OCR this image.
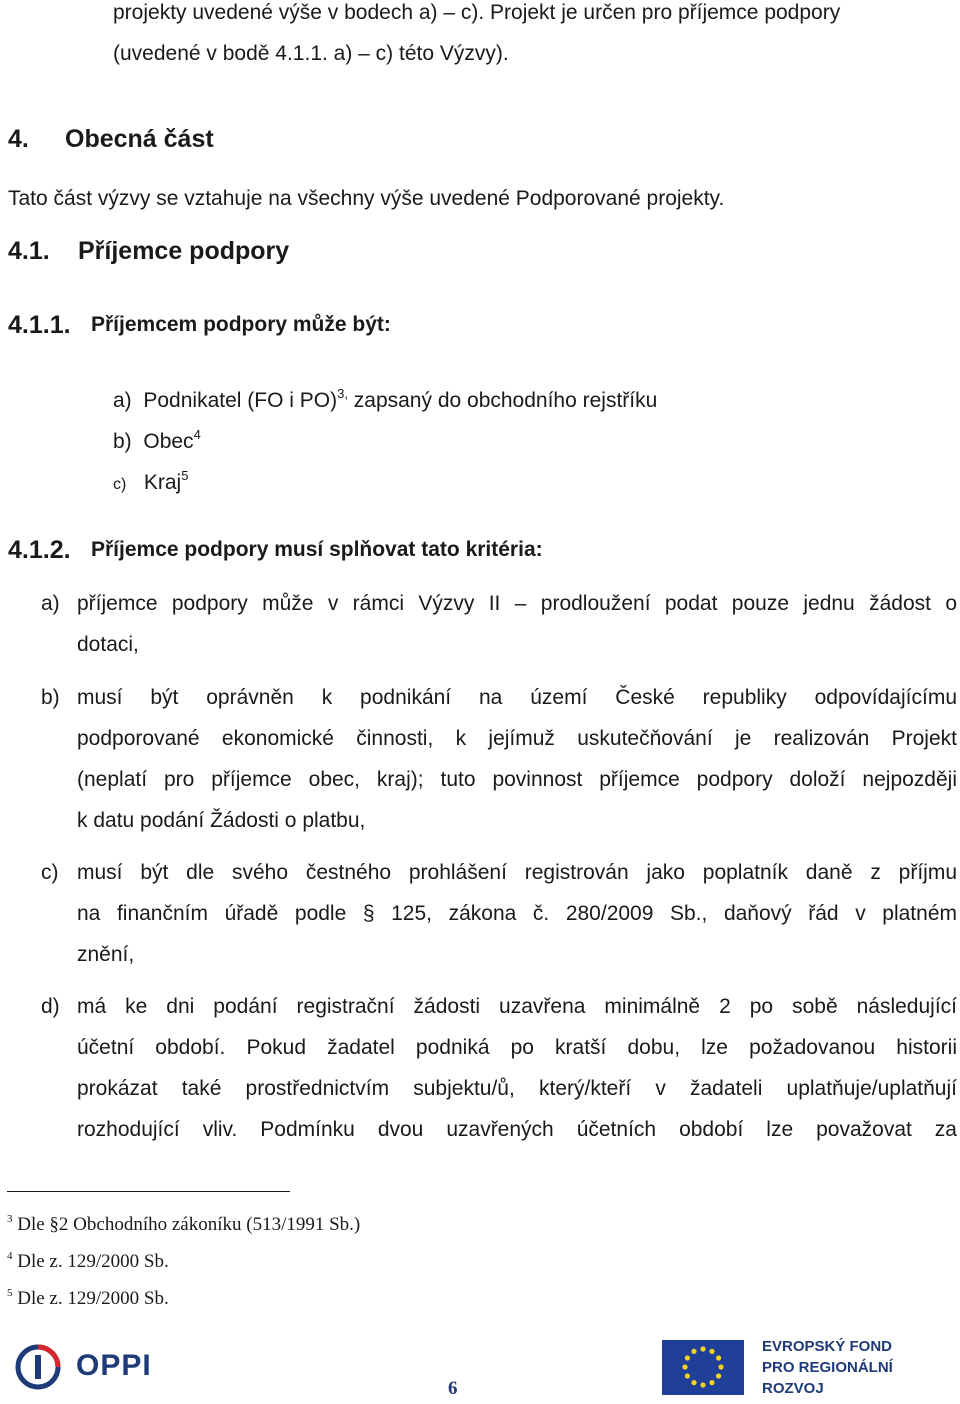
projekty uvedené výše v bodech a) – c). Projekt je určen pro příjemce podpory
(uvedené v bodě 4.1.1. a) – c) této Výzvy).
4. Obecná část
Tato část výzvy se vztahuje na všechny výše uvedené Podporované projekty.
4.1. Příjemce podpory
4.1.1. Příjemcem podpory může být:
a) Podnikatel (FO i PO)$^{3,}$ zapsaný do obchodního rejstříku
b) Obec$^4$
c) Kraj$^5$
4.1.2. Příjemce podpory musí splňovat tato kritéria:
a) příjemce podpory může v rámci Výzvy II – prodloužení podat pouze jednu žádost o
dotaci,
b) musí být oprávněn k podnikání na území České republiky odpovídajícímu
podporované ekonomické činnosti, k jejímuž uskutečňování je realizován Projekt
(neplatí pro příjemce obec, kraj); tuto povinnost příjemce podpory doloží nejpozději
k datu podání Žádosti o platbu,
c) musí být dle svého čestného prohlášení registrován jako poplatník daně z příjmu
na finančním úřadě podle § 125, zákona č. 280/2009 Sb., daňový řád v platném
znění,
d) má ke dni podání registrační žádosti uzavřena minimálně 2 po sobě následující
účetní období. Pokud žadatel podniká po kratší dobu, lze požadovanou historii
prokázat také prostřednictvím subjektu/ů, který/kteří v žadateli uplatňuje/uplatňují
rozhodující vliv. Podmínku dvou uzavřených účetních období lze považovat za
$^3$ Dle §2 Obchodního zákoníku (513/1991 Sb.)
$^4$ Dle z. 129/2000 Sb.
$^5$ Dle z. 129/2000 Sb.
OPPI
6
EVROPSKÝ FOND PRO REGIONÁLNÍ ROZVOJ
